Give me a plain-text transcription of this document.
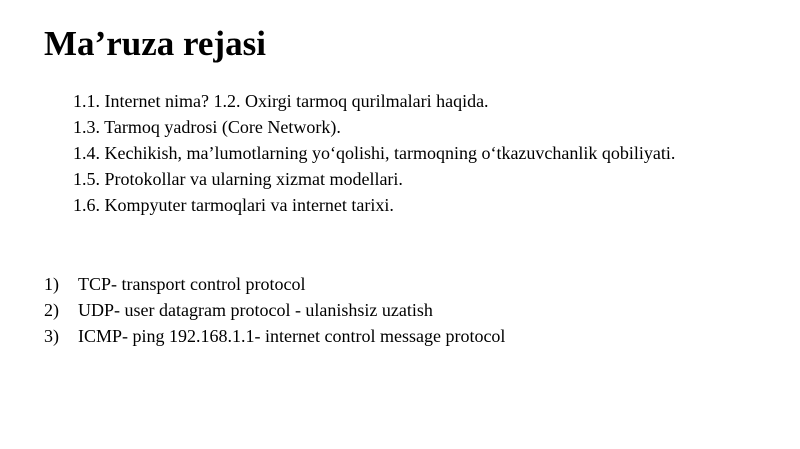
Ma’ruza rejasi

1.1. Internet nima? 1.2. Oxirgi tarmoq qurilmalari haqida.

1.3. Tarmoq yadrosi (Core Network).

1.4. Kechikish, ma’lumotlarning yo‘qolishi, tarmoqning o‘tkazuvchanlik qobiliyati.

1.5. Protokollar va ularning xizmat modellari.

1.6. Kompyuter tarmoqlari va internet tarixi.

1)	TCP- transport control protocol
2)	UDP- user datagram protocol - ulanishsiz uzatish
3)	ICMP- ping 192.168.1.1- internet control message protocol
